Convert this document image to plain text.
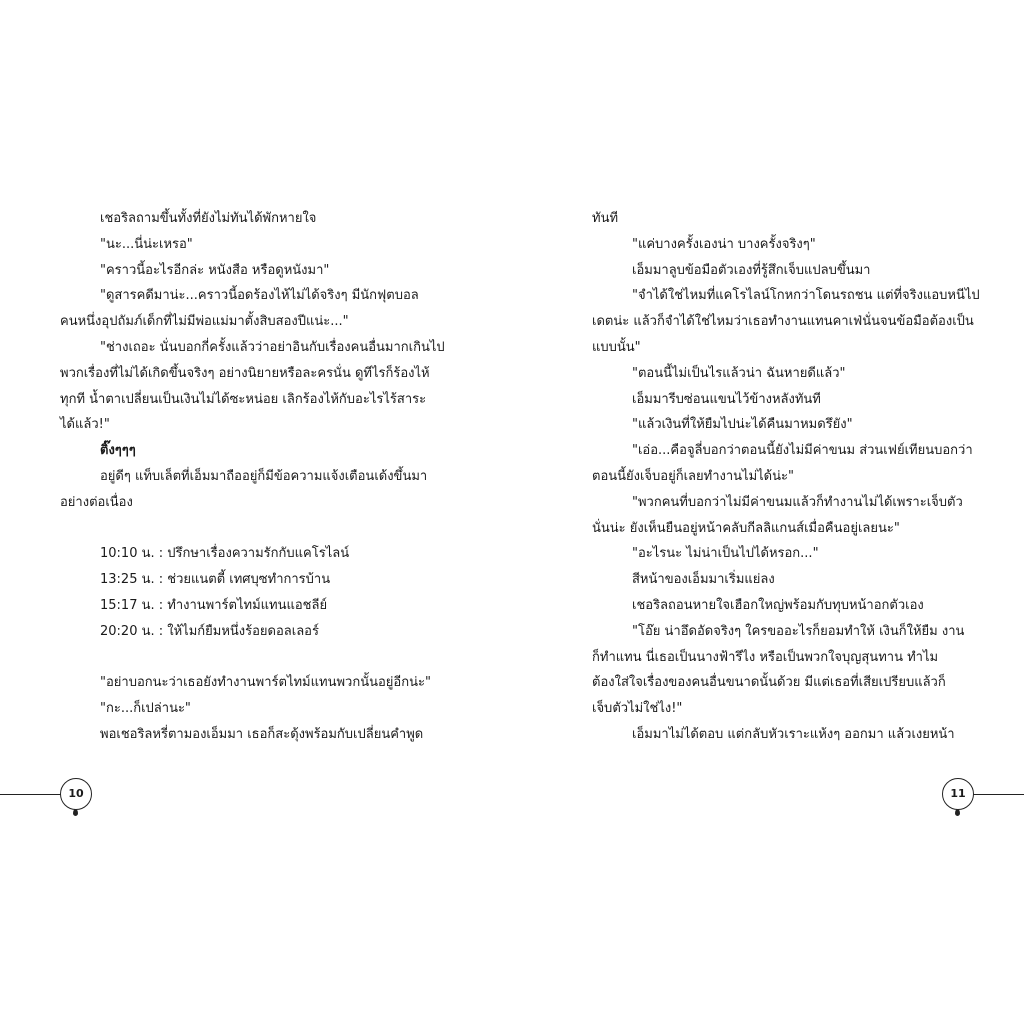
เชอริลถามขึ้นทั้งที่ยังไม่ทันได้พักหายใจ
"นะ...นี่น่ะเหรอ"
"คราวนี้อะไรอีกล่ะ หนังสือ หรือดูหนังมา"
"ดูสารคดีมาน่ะ...คราวนี้อดร้องไห้ไม่ได้จริงๆ มีนักฟุตบอล
คนหนึ่งอุปถัมภ์เด็กที่ไม่มีพ่อแม่มาตั้งสิบสองปีแน่ะ..."
"ช่างเถอะ นั่นบอกกี่ครั้งแล้วว่าอย่าอินกับเรื่องคนอื่นมากเกินไป
พวกเรื่องที่ไม่ได้เกิดขึ้นจริงๆ อย่างนิยายหรือละครนั่น ดูทีไรก็ร้องไห้
ทุกที น้ำตาเปลี่ยนเป็นเงินไม่ได้ซะหน่อย เลิกร้องไห้กับอะไรไร้สาระ
ได้แล้ว!"
ติ๊งๆๆๆ
อยู่ดีๆ แท็บเล็ตที่เอ็มมาถืออยู่ก็มีข้อความแจ้งเตือนเด้งขึ้นมา
อย่างต่อเนื่อง
10:10 น. : ปรึกษาเรื่องความรักกับแคโรไลน์
13:25 น. : ช่วยแนตตี้ เทศบุซทำการบ้าน
15:17 น. : ทำงานพาร์ตไทม์แทนแอชลีย์
20:20 น. : ให้ไมก์ยืมหนึ่งร้อยดอลเลอร์
"อย่าบอกนะว่าเธอยังทำงานพาร์ตไทม์แทนพวกนั้นอยู่อีกน่ะ"
"กะ...ก็เปล่านะ"
พอเชอริลหรี่ตามองเอ็มมา เธอก็สะดุ้งพร้อมกับเปลี่ยนคำพูด
10
ทันที
"แค่บางครั้งเองน่า บางครั้งจริงๆ"
เอ็มมาลูบข้อมือตัวเองที่รู้สึกเจ็บแปลบขึ้นมา
"จำได้ใช่ไหมที่แคโรไลน์โกหกว่าโดนรถชน แต่ที่จริงแอบหนีไป
เดตน่ะ แล้วก็จำได้ใช่ไหมว่าเธอทำงานแทนคาเฟ่นั่นจนข้อมือต้องเป็น
แบบนั้น"
"ตอนนี้ไม่เป็นไรแล้วน่า ฉันหายดีแล้ว"
เอ็มมารีบซ่อนแขนไว้ข้างหลังทันที
"แล้วเงินที่ให้ยืมไปน่ะได้คืนมาหมดรึยัง"
"เอ่อ...คือจูลี่บอกว่าตอนนี้ยังไม่มีค่าขนม ส่วนเฟย์เทียนบอกว่า
ตอนนี้ยังเจ็บอยู่ก็เลยทำงานไม่ได้น่ะ"
"พวกคนที่บอกว่าไม่มีค่าขนมแล้วก็ทำงานไม่ได้เพราะเจ็บตัว
นั่นน่ะ ยังเห็นยืนอยู่หน้าคลับกีลลิแกนส์เมื่อคืนอยู่เลยนะ"
"อะไรนะ ไม่น่าเป็นไปได้หรอก..."
สีหน้าของเอ็มมาเริ่มแย่ลง
เชอริลถอนหายใจเฮือกใหญ่พร้อมกับทุบหน้าอกตัวเอง
"โอ๊ย น่าอึดอัดจริงๆ ใครขออะไรก็ยอมทำให้ เงินก็ให้ยืม งาน
ก็ทำแทน นี่เธอเป็นนางฟ้ารึไง หรือเป็นพวกใจบุญสุนทาน ทำไม
ต้องใส่ใจเรื่องของคนอื่นขนาดนั้นด้วย มีแต่เธอที่เสียเปรียบแล้วก็
เจ็บตัวไม่ใช่ไง!"
เอ็มมาไม่ได้ตอบ แต่กลับหัวเราะแห้งๆ ออกมา แล้วเงยหน้า
11
